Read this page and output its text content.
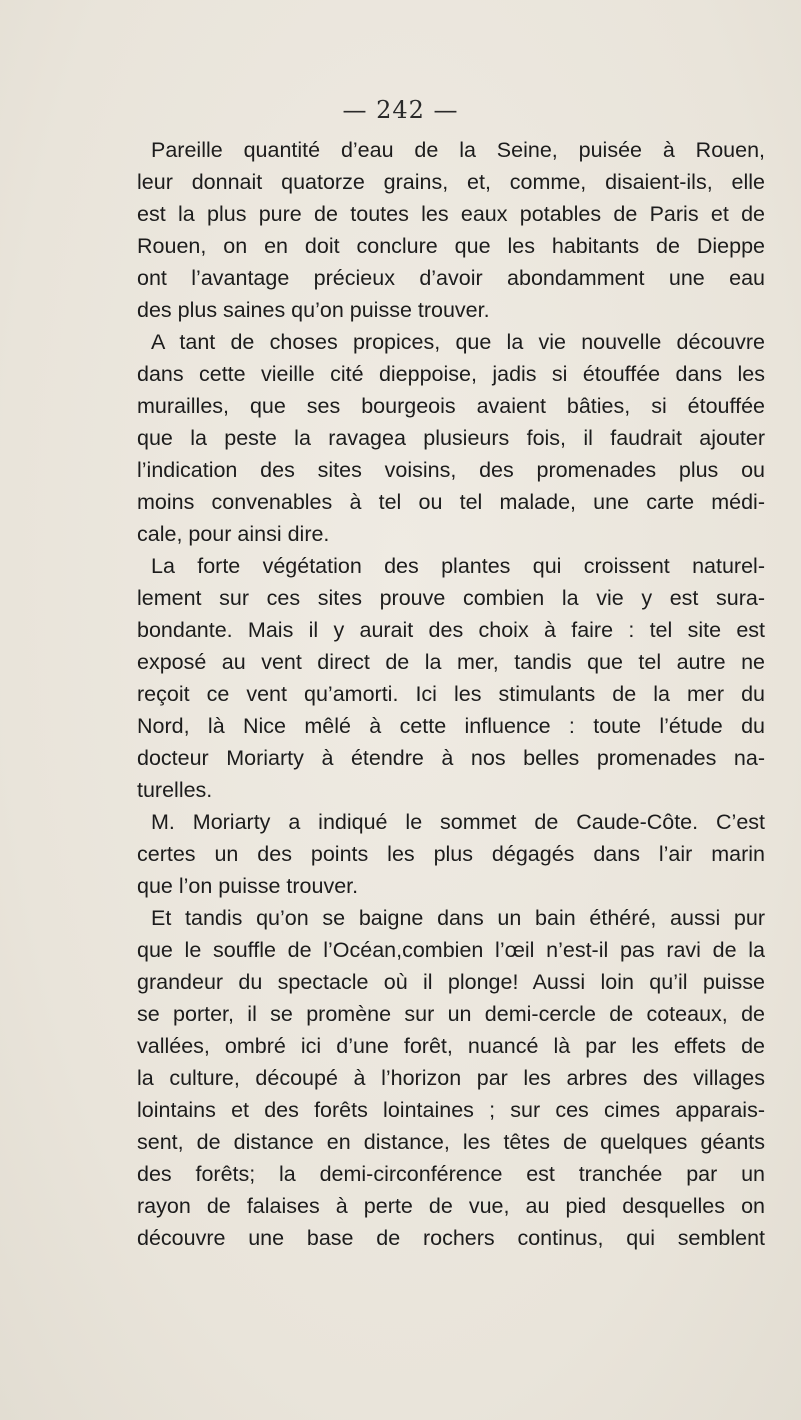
— 242 —
Pareille quantité d’eau de la Seine, puisée à Rouen,
leur donnait quatorze grains, et, comme, disaient-ils, elle
est la plus pure de toutes les eaux potables de Paris et de
Rouen, on en doit conclure que les habitants de Dieppe
ont l’avantage précieux d’avoir abondamment une eau
des plus saines qu’on puisse trouver.
A tant de choses propices, que la vie nouvelle découvre
dans cette vieille cité dieppoise, jadis si étouffée dans les
murailles, que ses bourgeois avaient bâties, si étouffée
que la peste la ravagea plusieurs fois, il faudrait ajouter
l’indication des sites voisins, des promenades plus ou
moins convenables à tel ou tel malade, une carte médi-
cale, pour ainsi dire.
La forte végétation des plantes qui croissent naturel-
lement sur ces sites prouve combien la vie y est sura-
bondante. Mais il y aurait des choix à faire : tel site est
exposé au vent direct de la mer, tandis que tel autre ne
reçoit ce vent qu’amorti. Ici les stimulants de la mer du
Nord, là Nice mêlé à cette influence : toute l’étude du
docteur Moriarty à étendre à nos belles promenades na-
turelles.
M. Moriarty a indiqué le sommet de Caude-Côte. C’est
certes un des points les plus dégagés dans l’air marin
que l’on puisse trouver.
Et tandis qu’on se baigne dans un bain éthéré, aussi pur
que le souffle de l’Océan,combien l’œil n’est-il pas ravi de la
grandeur du spectacle où il plonge! Aussi loin qu’il puisse
se porter, il se promène sur un demi-cercle de coteaux, de
vallées, ombré ici d’une forêt, nuancé là par les effets de
la culture, découpé à l’horizon par les arbres des villages
lointains et des forêts lointaines ; sur ces cimes apparais-
sent, de distance en distance, les têtes de quelques géants
des forêts; la demi-circonférence est tranchée par un
rayon de falaises à perte de vue, au pied desquelles on
découvre une base de rochers continus, qui semblent
